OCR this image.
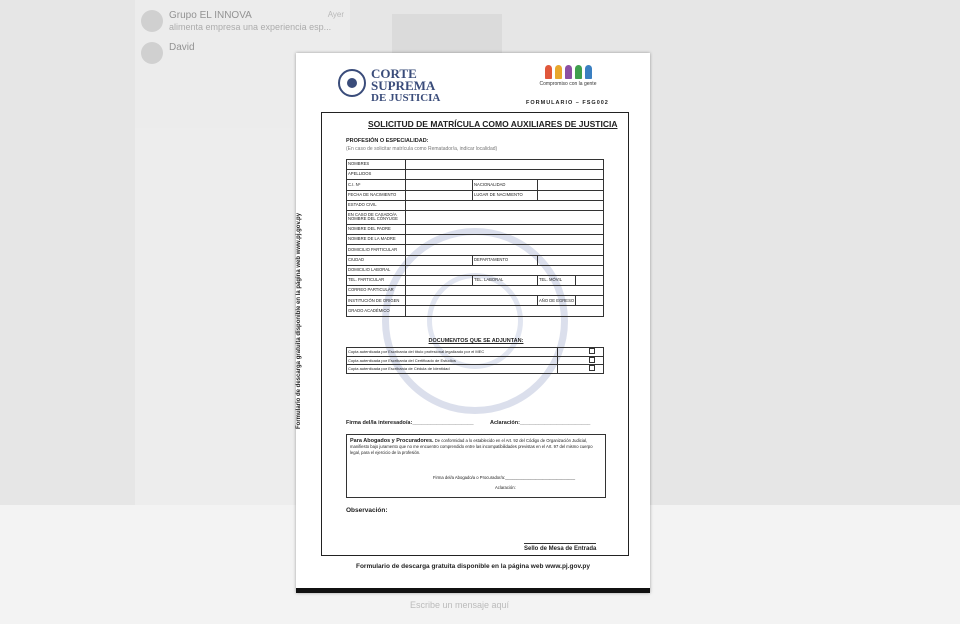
Grupo EL INNOVA
alimenta empresa una experiencia esp...
Ayer
David
Escribe un mensaje aquí
CORTE
SUPREMA
DE JUSTICIA
Compromiso con la gente
FORMULARIO – FSG002
Formulario de descarga gratuita disponible en la página web www.pj.gov.py
SOLICITUD DE MATRÍCULA COMO AUXILIARES DE JUSTICIA
PROFESIÓN O ESPECIALIDAD:
(En caso de solicitar matrícula como Rematador/a, indicar localidad)
NOMBRES				
APELLIDOS				
C.I. Nº		NACIONALIDAD		
FECHA DE NACIMIENTO		LUGAR DE NACIMIENTO		
ESTADO CIVIL				
EN CASO DE CASADO/A NOMBRE DEL CÓNYUGE				
NOMBRE DEL PADRE				
NOMBRE DE LA MADRE				
DOMICILIO PARTICULAR				
CIUDAD		DEPARTAMENTO		
DOMICILIO LABORAL				
TEL. PARTICULAR		TEL. LABORAL	TEL. MÓVIL	
CORREO PARTICULAR				
INSTITUCIÓN DE ORIGEN			AÑO DE EGRESO	
GRADO ACADÉMICO				
DOCUMENTOS QUE SE ADJUNTAN:
Copia autenticada por Escribanía del título profesional legalizado por el MEC	
Copia autenticada por Escribanía del Certificado de Estudios	
Copia autenticada por Escribanía de Cédula de Identidad	
Firma del/la interesado/a:____________________	Aclaración:_______________________
Para Abogados y Procuradores. De conformidad a lo establecido en el Art. 92 del Código de Organización Judicial, manifiesto bajo juramento que no me encuentro comprendido entre las incompatibilidades previstas en el Art. 97 del mismo cuerpo legal, para el ejercicio de la profesión.
Firma del/a Abogado/a o Procurador/a:______________________________
Aclaración:
Observación:
Sello de Mesa de Entrada
Formulario de descarga gratuita disponible en la página web www.pj.gov.py
